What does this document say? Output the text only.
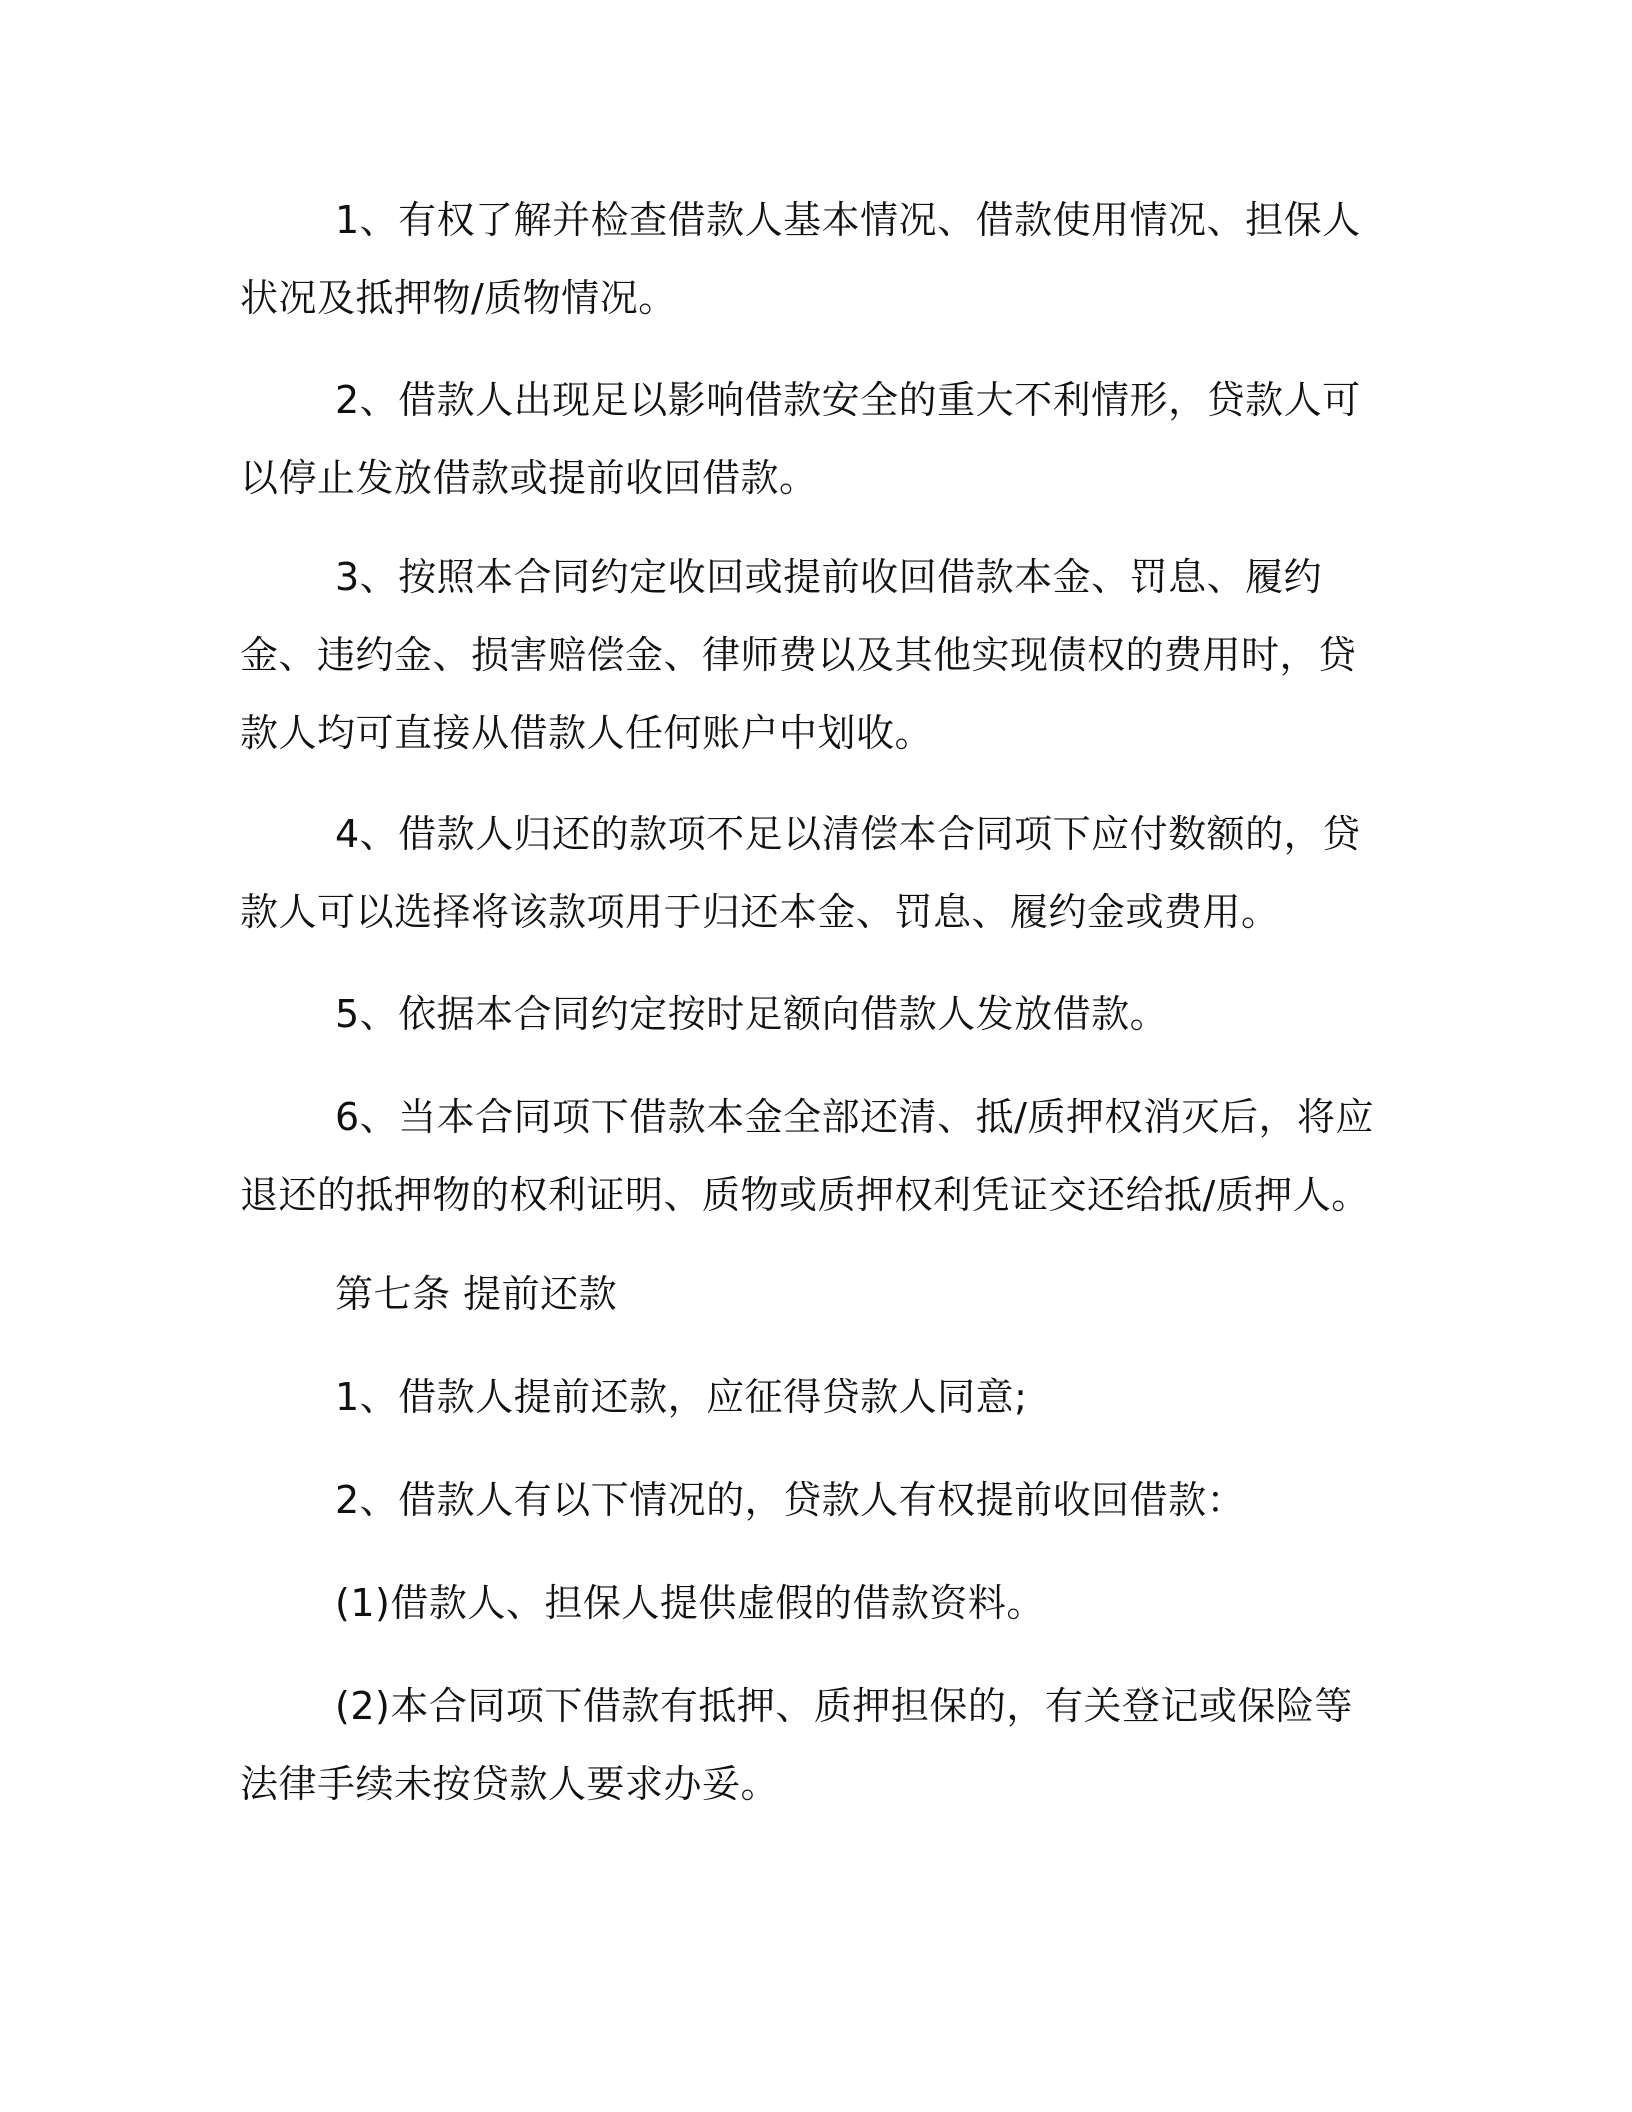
1、有权了解并检查借款人基本情况、借款使用情况、担保人状况及抵押物/质物情况。
2、借款人出现足以影响借款安全的重大不利情形，贷款人可以停止发放借款或提前收回借款。
3、按照本合同约定收回或提前收回借款本金、罚息、履约金、违约金、损害赔偿金、律师费以及其他实现债权的费用时，贷款人均可直接从借款人任何账户中划收。
4、借款人归还的款项不足以清偿本合同项下应付数额的，贷款人可以选择将该款项用于归还本金、罚息、履约金或费用。
5、依据本合同约定按时足额向借款人发放借款。
6、当本合同项下借款本金全部还清、抵/质押权消灭后，将应退还的抵押物的权利证明、质物或质押权利凭证交还给抵/质押人。
第七条 提前还款
1、借款人提前还款，应征得贷款人同意;
2、借款人有以下情况的，贷款人有权提前收回借款：
(1)借款人、担保人提供虚假的借款资料。
(2)本合同项下借款有抵押、质押担保的，有关登记或保险等法律手续未按贷款人要求办妥。
